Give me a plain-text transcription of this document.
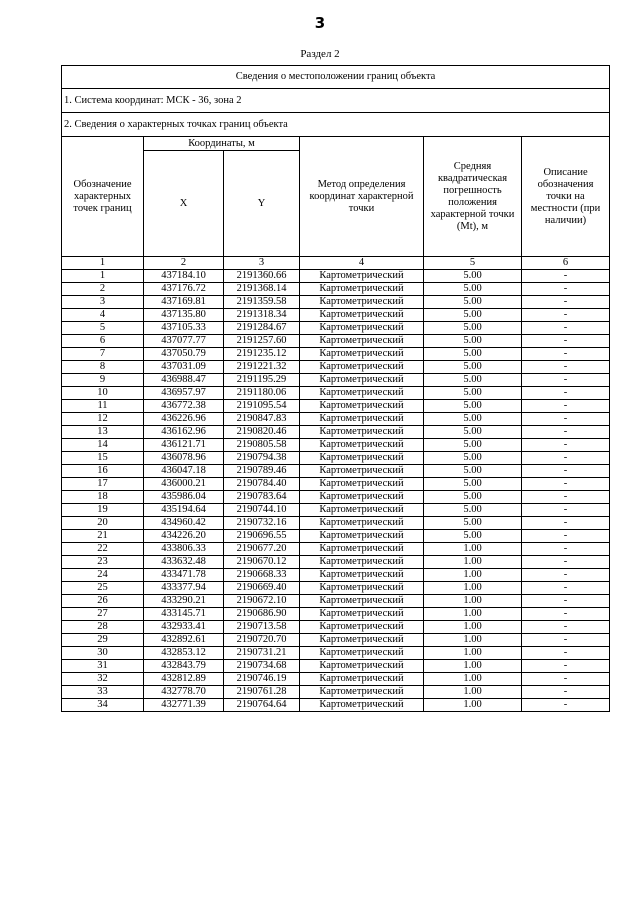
3
Раздел 2
Сведения о местоположении границ объекта					
1. Система координат: МСК - 36, зона 2					
2. Сведения о характерных точках границ объекта					
Обозначение характерных точек границ	Координаты, м		Метод определения координат характерной точки	Средняя квадратическая погрешность положения характерной точки (Mt), м	Описание обозначения точки на местности (при наличии)
	X	Y			
1	2	3	4	5	6
1	437184.10	2191360.66	Картометрический	5.00	-
2	437176.72	2191368.14	Картометрический	5.00	-
3	437169.81	2191359.58	Картометрический	5.00	-
4	437135.80	2191318.34	Картометрический	5.00	-
5	437105.33	2191284.67	Картометрический	5.00	-
6	437077.77	2191257.60	Картометрический	5.00	-
7	437050.79	2191235.12	Картометрический	5.00	-
8	437031.09	2191221.32	Картометрический	5.00	-
9	436988.47	2191195.29	Картометрический	5.00	-
10	436957.97	2191180.06	Картометрический	5.00	-
11	436772.38	2191095.54	Картометрический	5.00	-
12	436226.96	2190847.83	Картометрический	5.00	-
13	436162.96	2190820.46	Картометрический	5.00	-
14	436121.71	2190805.58	Картометрический	5.00	-
15	436078.96	2190794.38	Картометрический	5.00	-
16	436047.18	2190789.46	Картометрический	5.00	-
17	436000.21	2190784.40	Картометрический	5.00	-
18	435986.04	2190783.64	Картометрический	5.00	-
19	435194.64	2190744.10	Картометрический	5.00	-
20	434960.42	2190732.16	Картометрический	5.00	-
21	434226.20	2190696.55	Картометрический	5.00	-
22	433806.33	2190677.20	Картометрический	1.00	-
23	433632.48	2190670.12	Картометрический	1.00	-
24	433471.78	2190668.33	Картометрический	1.00	-
25	433377.94	2190669.40	Картометрический	1.00	-
26	433290.21	2190672.10	Картометрический	1.00	-
27	433145.71	2190686.90	Картометрический	1.00	-
28	432933.41	2190713.58	Картометрический	1.00	-
29	432892.61	2190720.70	Картометрический	1.00	-
30	432853.12	2190731.21	Картометрический	1.00	-
31	432843.79	2190734.68	Картометрический	1.00	-
32	432812.89	2190746.19	Картометрический	1.00	-
33	432778.70	2190761.28	Картометрический	1.00	-
34	432771.39	2190764.64	Картометрический	1.00	-
